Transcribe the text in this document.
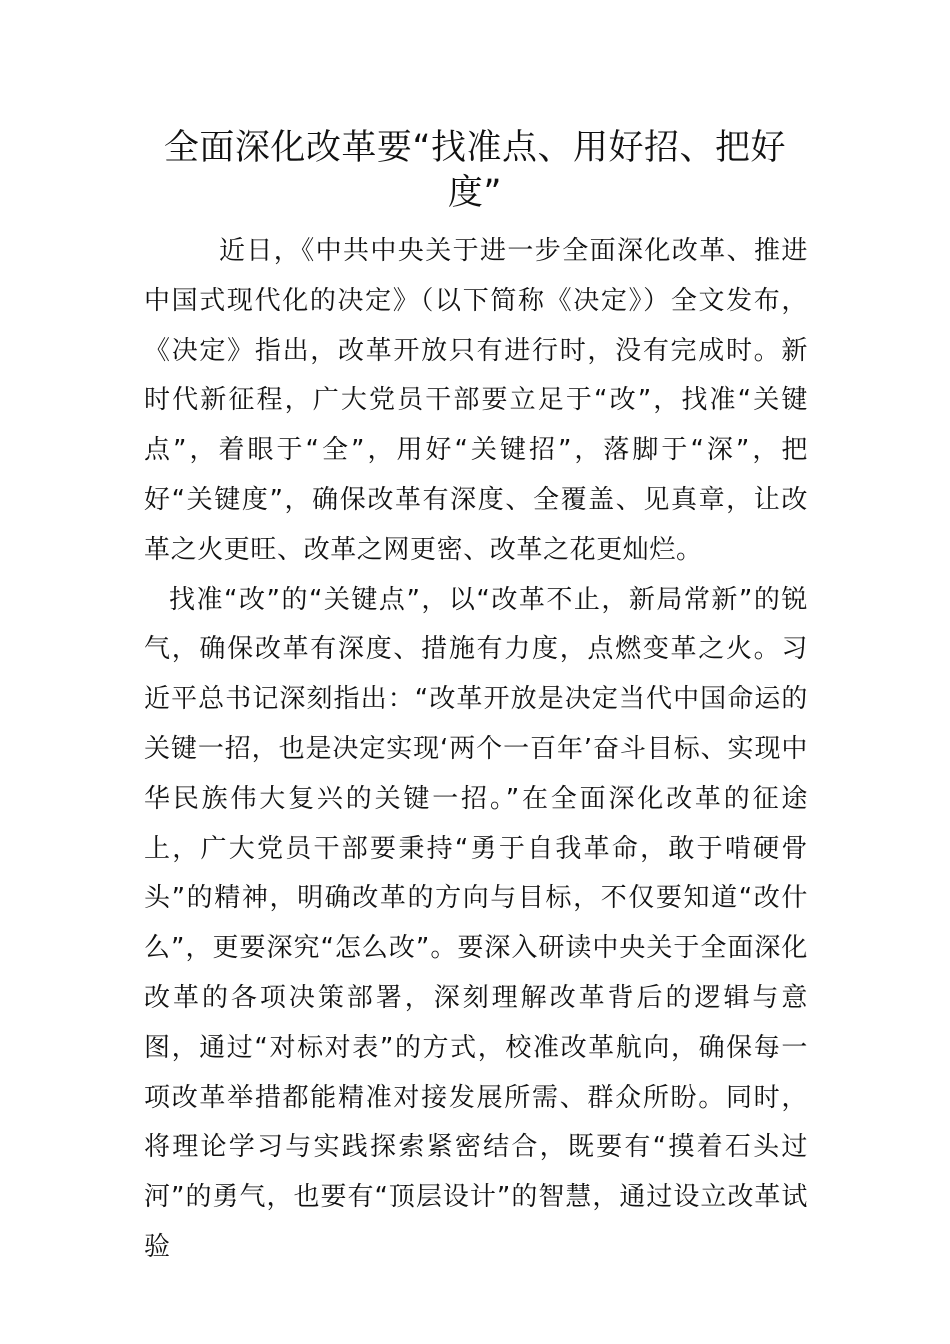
全面深化改革要“找准点、用好招、把好度”

近日，《中共中央关于进一步全面深化改革、推进中国式现代化的决定》（以下简称《决定》）全文发布，《决定》指出，改革开放只有进行时，没有完成时。新时代新征程，广大党员干部要立足于“改”，找准“关键点”，着眼于“全”，用好“关键招”，落脚于“深”，把好“关键度”，确保改革有深度、全覆盖、见真章，让改革之火更旺、改革之网更密、改革之花更灿烂。

找准“改”的“关键点”，以“改革不止，新局常新”的锐气，确保改革有深度、措施有力度，点燃变革之火。习近平总书记深刻指出：“改革开放是决定当代中国命运的关键一招，也是决定实现‘两个一百年’奋斗目标、实现中华民族伟大复兴的关键一招。”在全面深化改革的征途上，广大党员干部要秉持“勇于自我革命，敢于啃硬骨头”的精神，明确改革的方向与目标，不仅要知道“改什么”，更要深究“怎么改”。要深入研读中央关于全面深化改革的各项决策部署，深刻理解改革背后的逻辑与意图，通过“对标对表”的方式，校准改革航向，确保每一项改革举措都能精准对接发展所需、群众所盼。同时，将理论学习与实践探索紧密结合，既要有“摸着石头过河”的勇气，也要有“顶层设计”的智慧，通过设立改革试验
